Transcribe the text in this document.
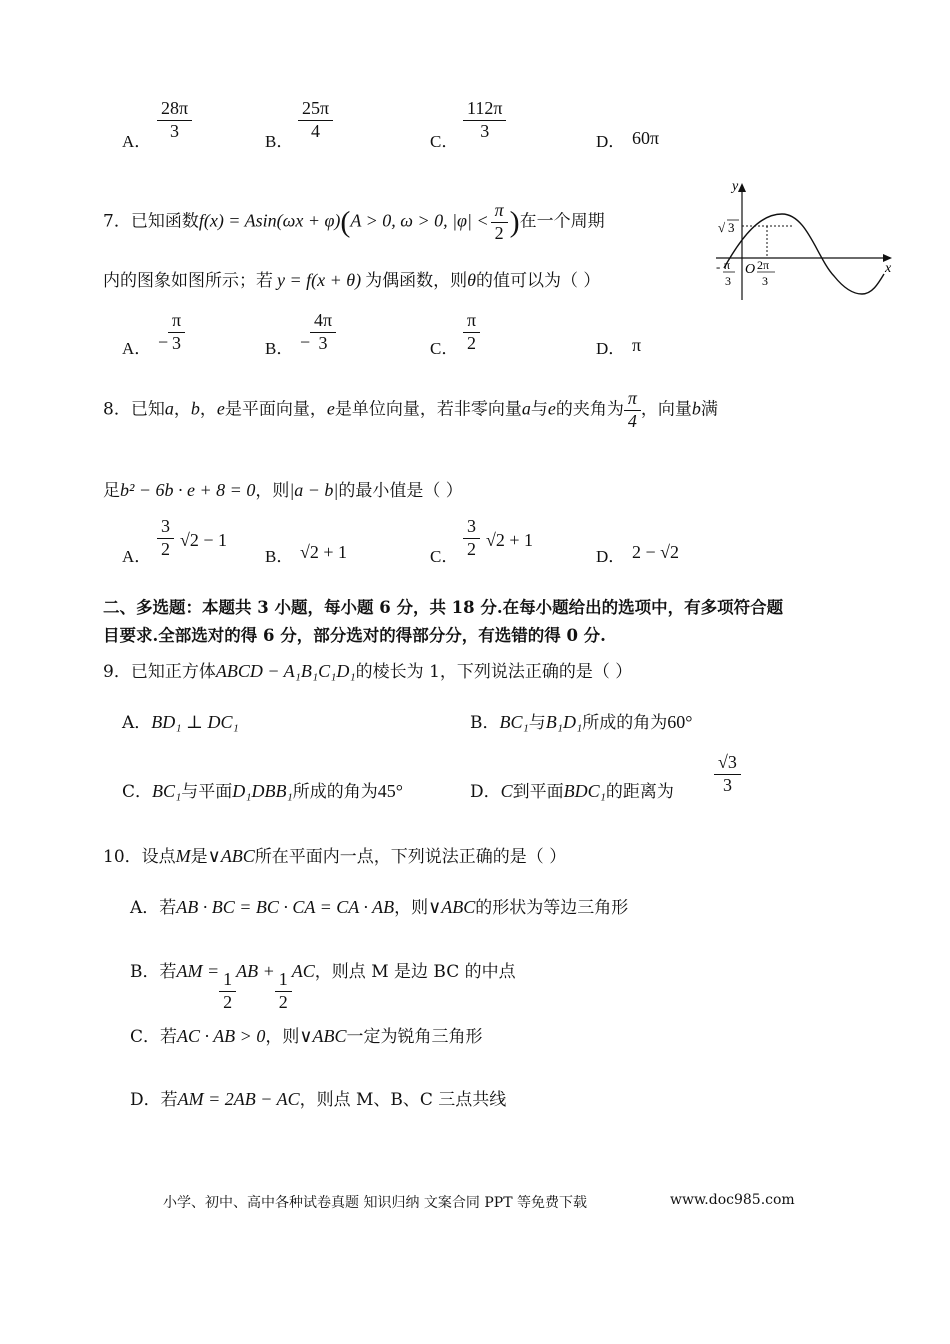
A． $\frac{28\pi}{3}$	B． $\frac{25\pi}{4}$	C． $\frac{112\pi}{3}$	D． 60π
7．已知函数f(x) = Asin(ωx + φ)(A > 0, ω > 0, $|\varphi| < \frac{\pi}{2}$ )在一个周期
内的图象如图所示；若 y = f(x + θ) 为偶函数，则θ的值可以为（ ）
y
x
O
√ 3
- π
3
2π
3
A． − $\frac{\pi}{3}$	B． − $\frac{4\pi}{3}$	C． $\frac{\pi}{2}$	D． π
8．已知a，b，e是平面向量，e是单位向量，若非零向量a与e的夹角为 $\frac{\pi}{4}$ ，向量b满
足b² − 6b · e + 8 = 0，则|a − b|的最小值是（ ）
A． $\frac{3}{2} √2 - 1$
B． √2 + 1	C． $\frac{3}{2} √2 + 1$
D． 2 − √2
二、多选题：本题共 3 小题，每小题 6 分，共 18 分.在每小题给出的选项中，有多项符合题
目要求.全部选对的得 6 分，部分选对的得部分分，有选错的得 0 分.
9．已知正方体ABCD − A₁B₁C₁D₁的棱长为 1，下列说法正确的是（ ）
A．BD₁ ⊥ DC₁	B．BC₁与B₁D₁所成的角为60°
C．BC₁与平面D₁DBB₁所成的角为45°	D．C到平面BDC₁的距离为 $\frac{√3}{3}$
10．设点M是∨ABC所在平面内一点，下列说法正确的是（ ）
A．若AB · BC = BC · CA = CA · AB，则∨ABC的形状为等边三角形
B．若AM = $\frac{1}{2}$ AB + $\frac{1}{2}$ AC，则点 M 是边 BC 的中点
C．若AC · AB > 0，则∨ABC一定为锐角三角形
D．若AM = 2AB − AC，则点 M、B、C 三点共线
小学、初中、高中各种试卷真题 知识归纳 文案合同 PPT 等免费下载	www.doc985.com
